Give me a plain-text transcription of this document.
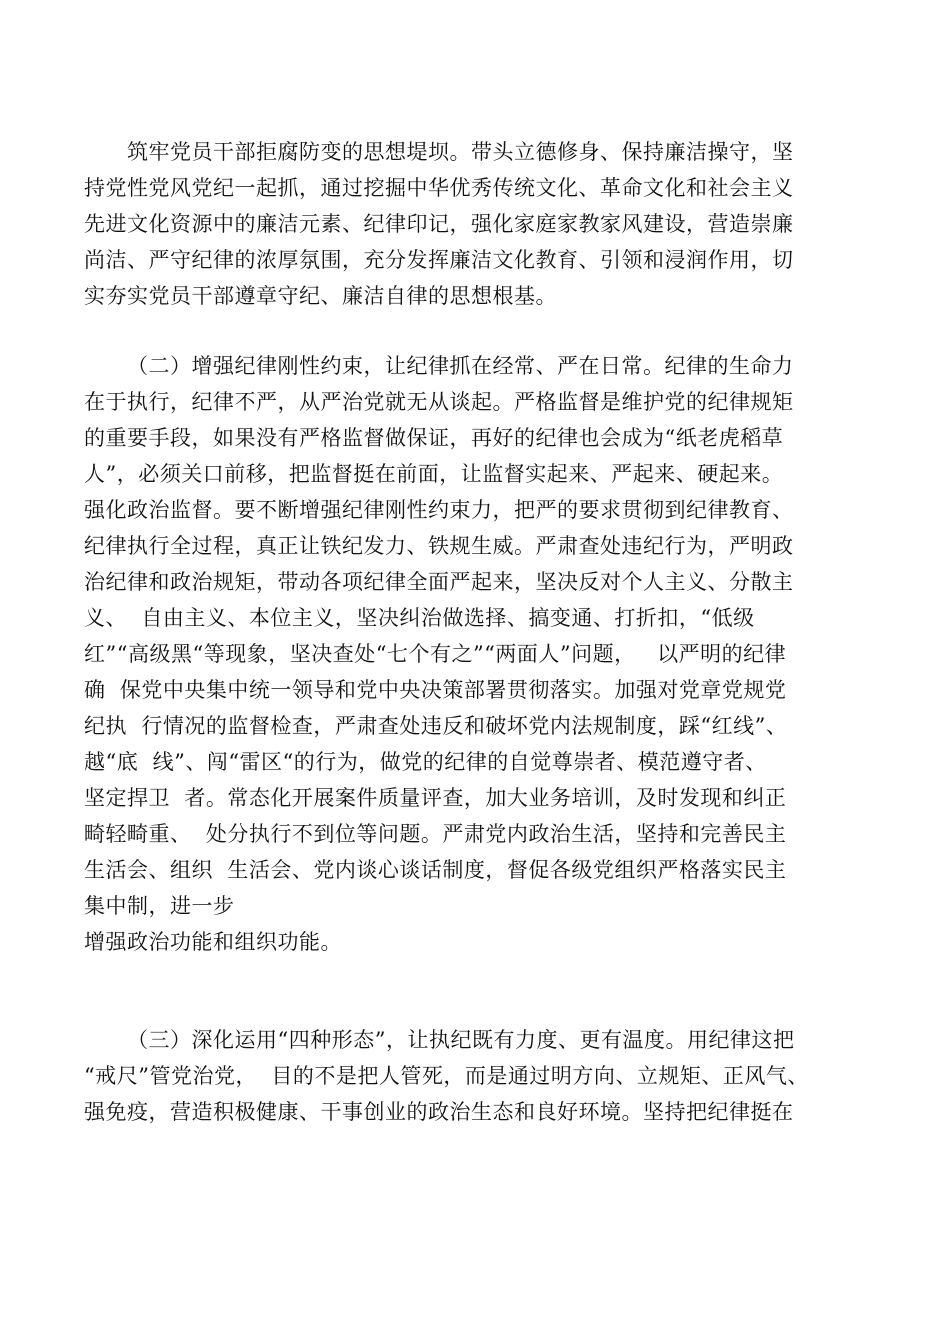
筑牢党员干部拒腐防变的思想堤坝。带头立德修身、保持廉洁操守，坚
持党性党风党纪一起抓，通过挖掘中华优秀传统文化、革命文化和社会主义
先进文化资源中的廉洁元素、纪律印记，强化家庭家教家风建设，营造崇廉
尚洁、严守纪律的浓厚氛围，充分发挥廉洁文化教育、引领和浸润作用，切
实夯实党员干部遵章守纪、廉洁自律的思想根基。
（二）增强纪律刚性约束，让纪律抓在经常、严在日常。纪律的生命力
在于执行，纪律不严，从严治党就无从谈起。严格监督是维护党的纪律规矩
的重要手段，如果没有严格监督做保证，再好的纪律也会成为“纸老虎稻草
人”，必须关口前移，把监督挺在前面，让监督实起来、严起来、硬起来。
强化政治监督。要不断增强纪律刚性约束力，把严的要求贯彻到纪律教育、
纪律执行全过程，真正让铁纪发力、铁规生威。严肃查处违纪行为，严明政
治纪律和政治规矩，带动各项纪律全面严起来，坚决反对个人主义、分散主
义、  自由主义、本位主义，坚决纠治做选择、搞变通、打折扣，“低级
红”“高级黑“等现象，坚决查处“七个有之”“两面人”问题，   以严明的纪律
确  保党中央集中统一领导和党中央决策部署贯彻落实。加强对党章党规党
纪执  行情况的监督检查，严肃查处违反和破坏党内法规制度，踩“红线”、
越“底  线”、闯“雷区“的行为，做党的纪律的自觉尊崇者、模范遵守者、
坚定捍卫  者。常态化开展案件质量评查，加大业务培训，及时发现和纠正
畸轻畸重、  处分执行不到位等问题。严肃党内政治生活，坚持和完善民主
生活会、组织  生活会、党内谈心谈话制度，督促各级党组织严格落实民主
集中制，进一步
增强政治功能和组织功能。
（三）深化运用“四种形态”，让执纪既有力度、更有温度。用纪律这把
“戒尺”管党治党，  目的不是把人管死，而是通过明方向、立规矩、正风气、
强免疫，营造积极健康、干事创业的政治生态和良好环境。坚持把纪律挺在
